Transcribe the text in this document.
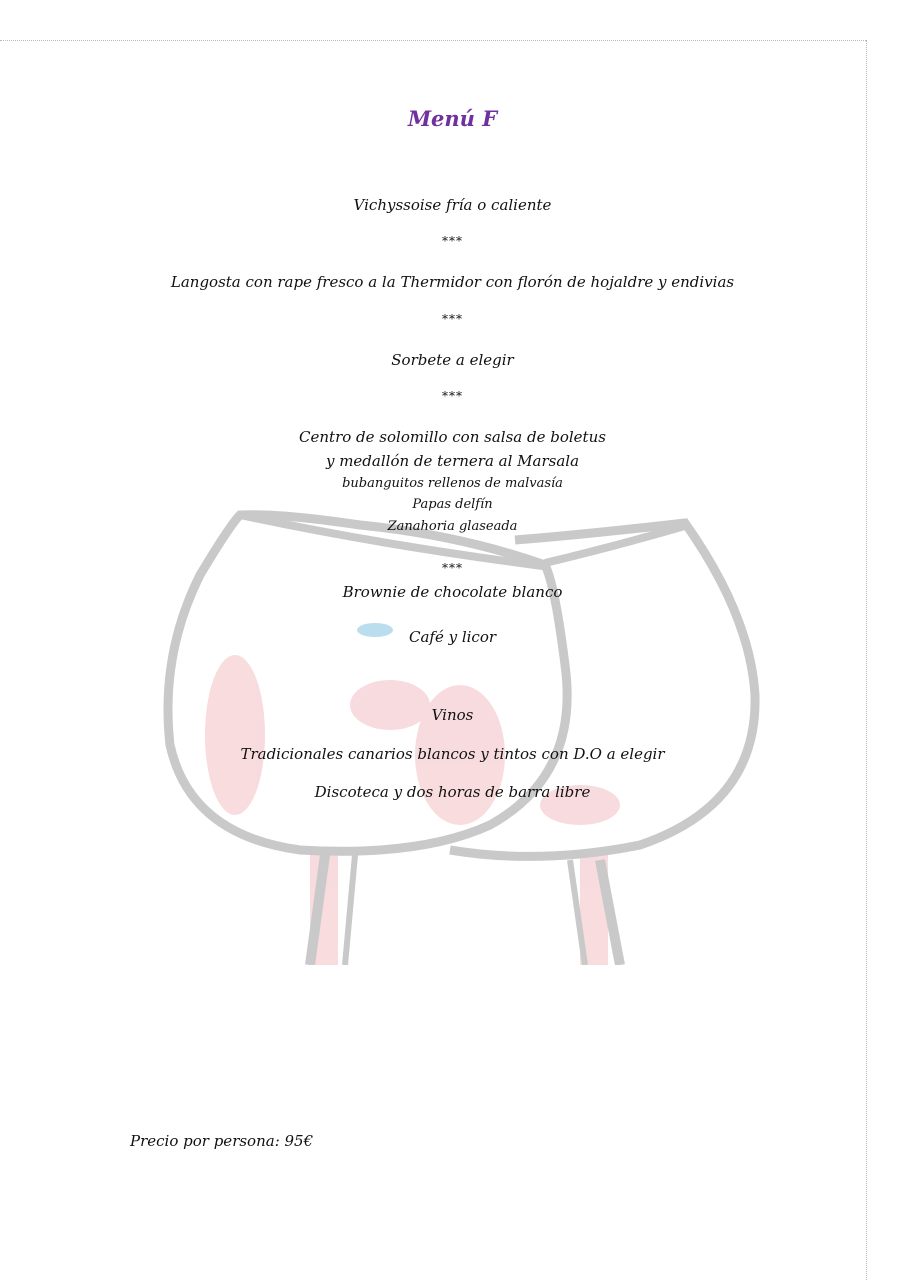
Menú F
Vichyssoise fría o caliente
***
Langosta con rape fresco a la Thermidor con florón de hojaldre y endivias
***
Sorbete a elegir
***
Centro de solomillo con salsa de boletus
y medallón de ternera al Marsala
bubanguitos rellenos de malvasía
Papas delfín
Zanahoria glaseada
***
Brownie de chocolate blanco
Café y licor
Vinos
Tradicionales canarios blancos y tintos con D.O a elegir
Discoteca y dos horas de barra libre
Precio por persona: 95€
